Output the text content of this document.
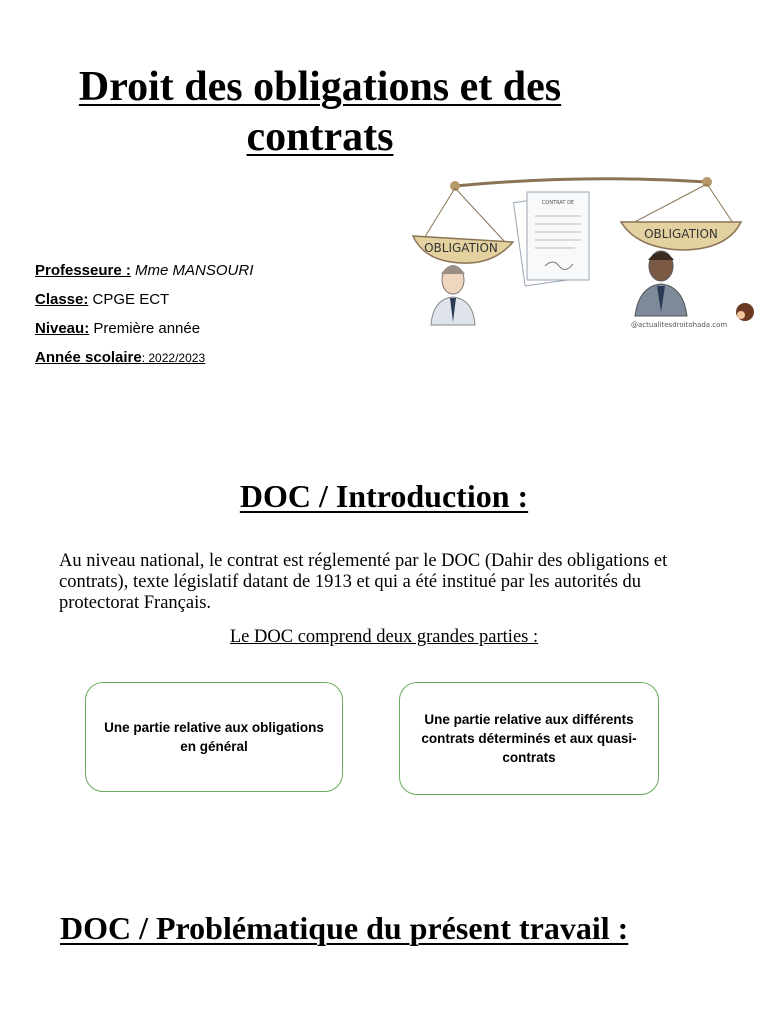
Droit des obligations et des
contrats
OBLIGATION
OBLIGATION
CONTRAT DE
@actualitesdroitohada.com
Professeure : Mme MANSOURI
Classe: CPGE ECT
Niveau: Première année
Année scolaire: 2022/2023
DOC / Introduction :

Au niveau national, le contrat est réglementé par le DOC (Dahir des obligations et contrats), texte législatif datant de 1913 et qui a été institué par les autorités du protectorat Français.

Le DOC comprend deux grandes parties :

Une partie relative aux obligations en général
Une partie relative aux différents contrats déterminés et aux quasi-contrats
DOC / Problématique du présent travail :
